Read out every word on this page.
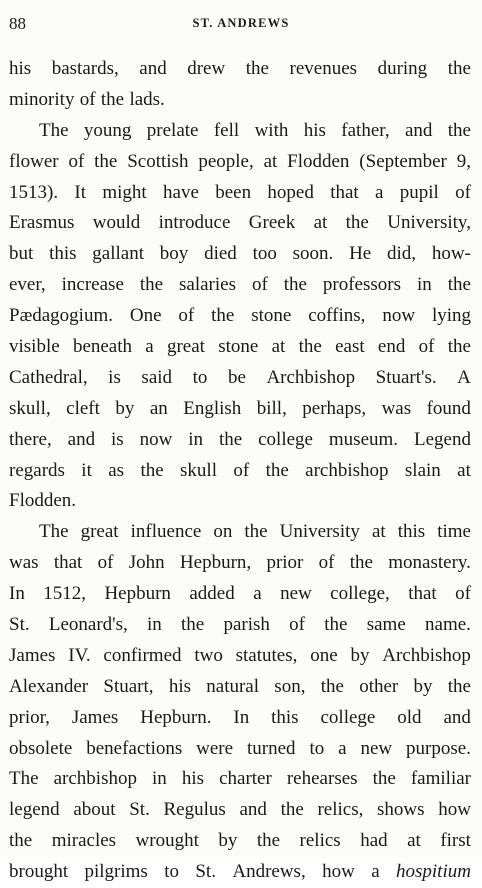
88	ST. ANDREWS
his bastards, and drew the revenues during the
minority of the lads.
The young prelate fell with his father, and the
flower of the Scottish people, at Flodden (September 9,
1513). It might have been hoped that a pupil of
Erasmus would introduce Greek at the University,
but this gallant boy died too soon. He did, how-
ever, increase the salaries of the professors in the
Pædagogium. One of the stone coffins, now lying
visible beneath a great stone at the east end of the
Cathedral, is said to be Archbishop Stuart's. A
skull, cleft by an English bill, perhaps, was found
there, and is now in the college museum. Legend
regards it as the skull of the archbishop slain at
Flodden.
The great influence on the University at this time
was that of John Hepburn, prior of the monastery.
In 1512, Hepburn added a new college, that of
St. Leonard's, in the parish of the same name.
James IV. confirmed two statutes, one by Archbishop
Alexander Stuart, his natural son, the other by the
prior, James Hepburn. In this college old and
obsolete benefactions were turned to a new purpose.
The archbishop in his charter rehearses the familiar
legend about St. Regulus and the relics, shows how
the miracles wrought by the relics had at first
brought pilgrims to St. Andrews, how a hospitium
